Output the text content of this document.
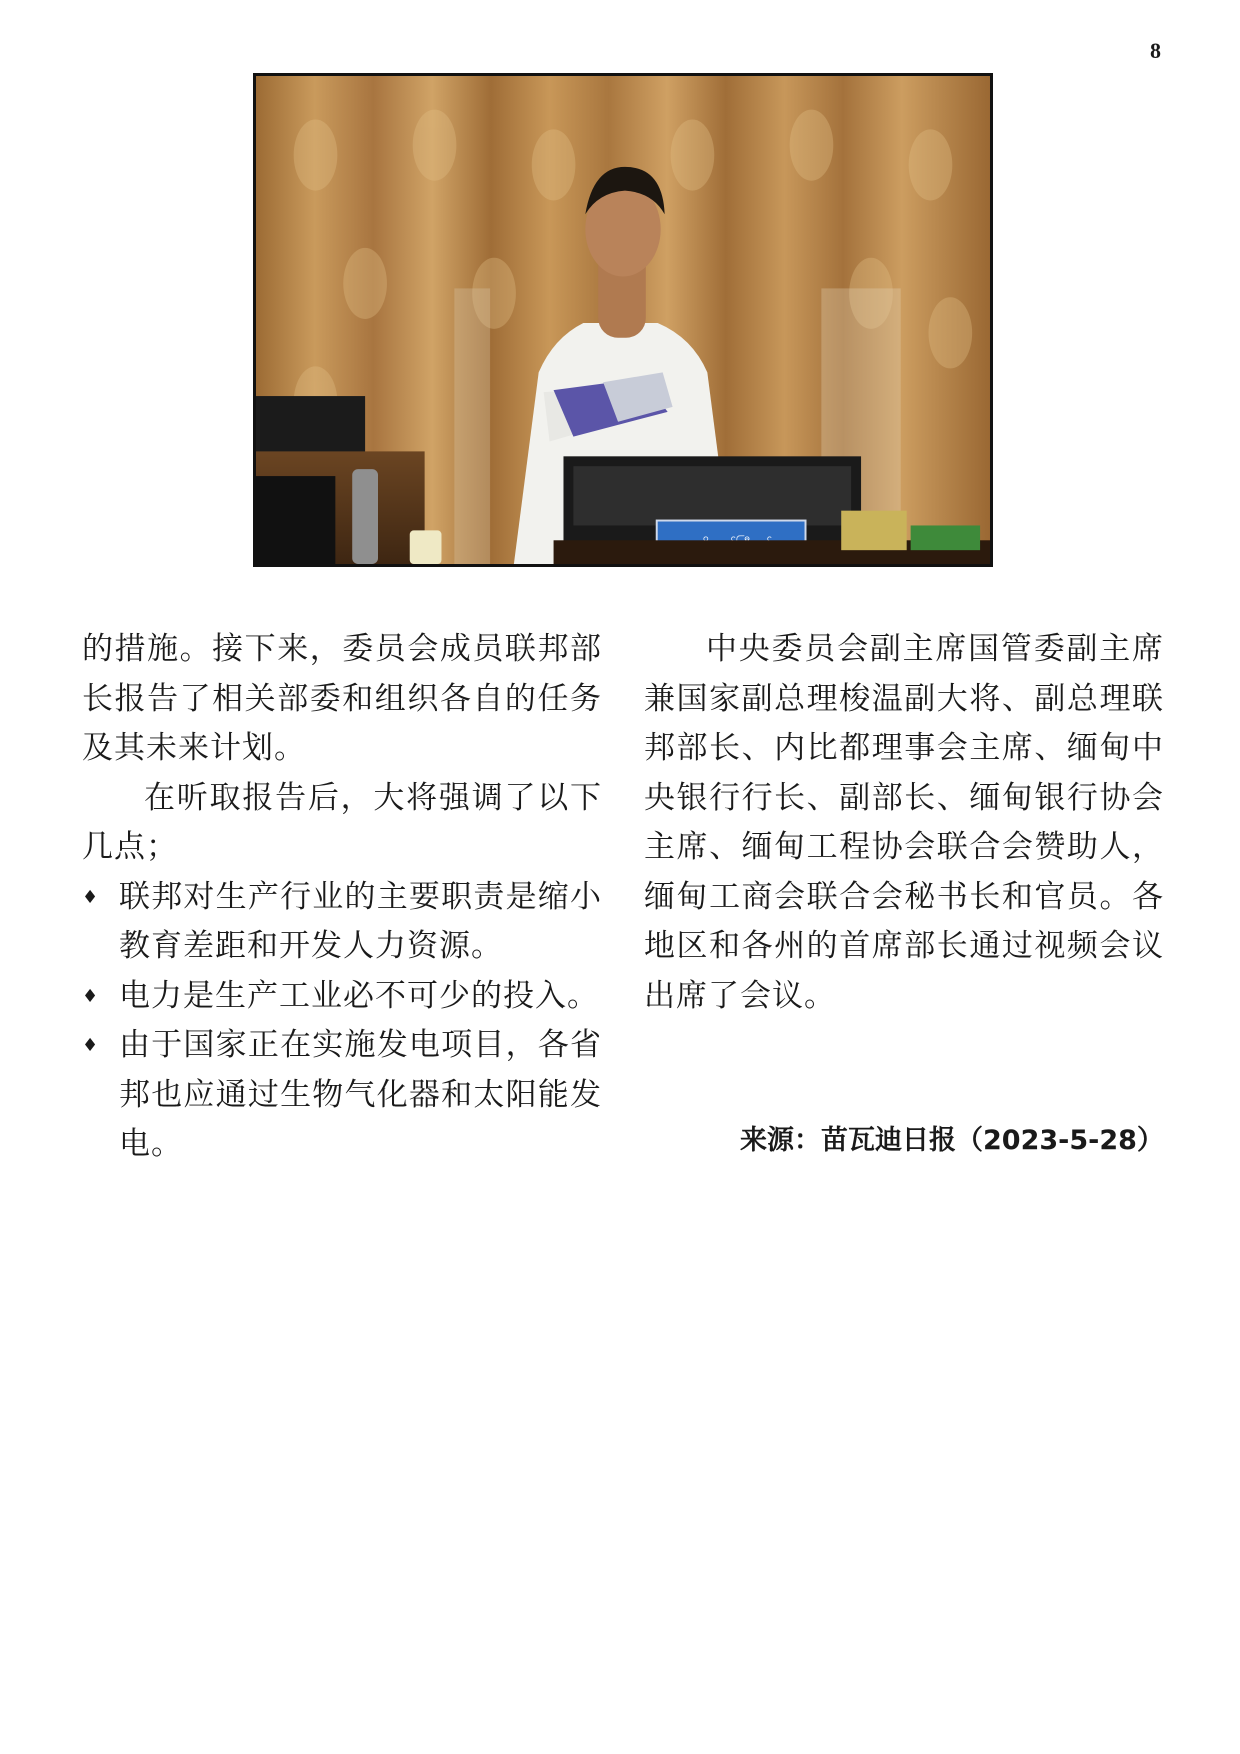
8

的措施。接下来，委员会成员联邦部长报告了相关部委和组织各自的任务及其未来计划。

在听取报告后，大将强调了以下几点；

♦ 联邦对生产行业的主要职责是缩小教育差距和开发人力资源。

♦ 电力是生产工业必不可少的投入。

♦ 由于国家正在实施发电项目，各省邦也应通过生物气化器和太阳能发电。

中央委员会副主席国管委副主席兼国家副总理梭温副大将、副总理联邦部长、内比都理事会主席、缅甸中央银行行长、副部长、缅甸银行协会主席、缅甸工程协会联合会赞助人，缅甸工商会联合会秘书长和官员。各地区和各州的首席部长通过视频会议出席了会议。

来源：苗瓦迪日报（2023-5-28）
